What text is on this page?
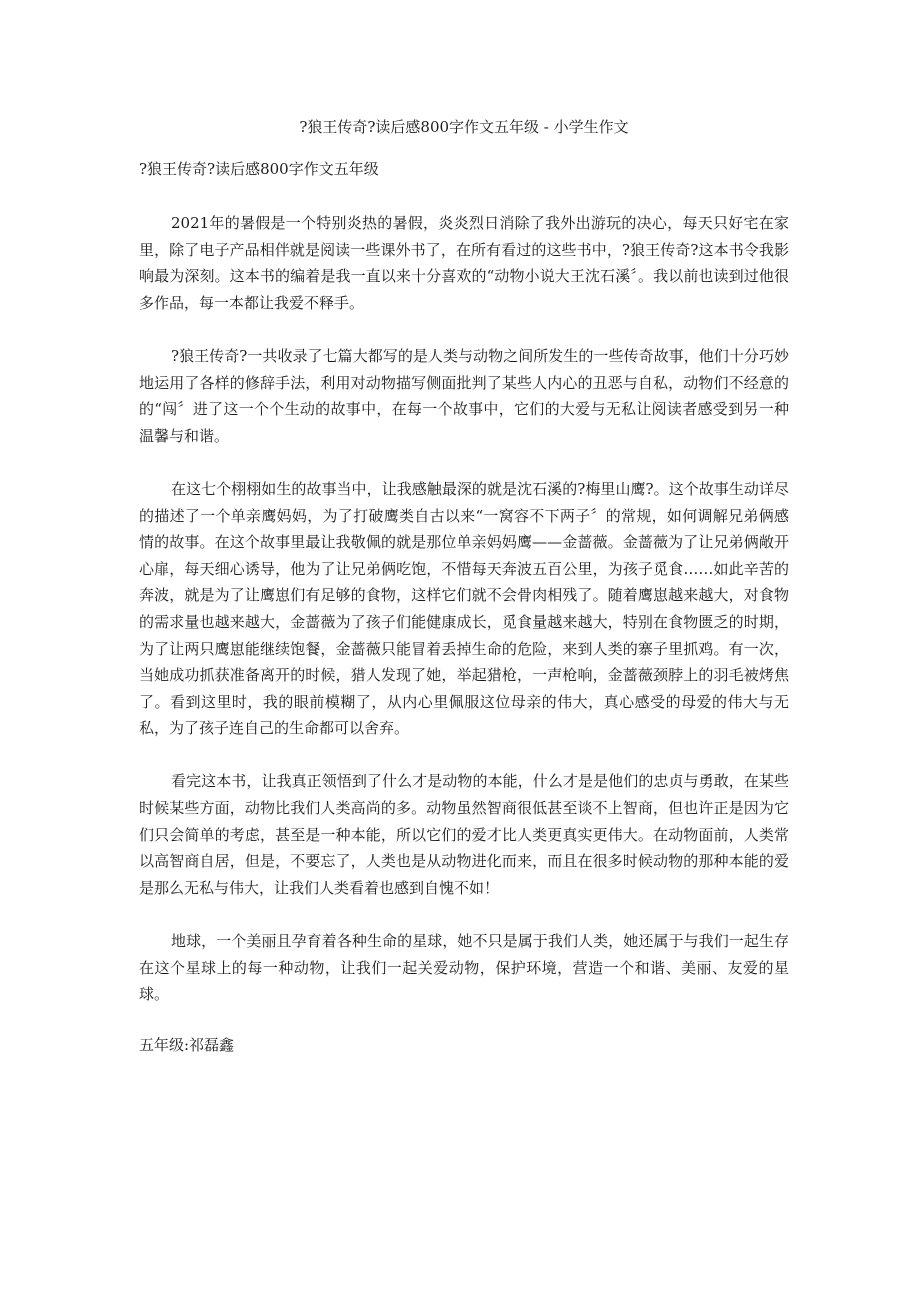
?狼王传奇?读后感800字作文五年级 - 小学生作文
?狼王传奇?读后感800字作文五年级

2021年的暑假是一个特别炎热的暑假，炎炎烈日消除了我外出游玩的决心，每天只好宅在家里，除了电子产品相伴就是阅读一些课外书了，在所有看过的这些书中，?狼王传奇?这本书令我影响最为深刻。这本书的编着是我一直以来十分喜欢的“动物小说大王沈石溪〞。我以前也读到过他很多作品，每一本都让我爱不释手。

?狼王传奇?一共收录了七篇大都写的是人类与动物之间所发生的一些传奇故事，他们十分巧妙地运用了各样的修辞手法，利用对动物描写侧面批判了某些人内心的丑恶与自私，动物们不经意的的“闯〞进了这一个个生动的故事中，在每一个故事中，它们的大爱与无私让阅读者感受到另一种温馨与和谐。

在这七个栩栩如生的故事当中，让我感触最深的就是沈石溪的?梅里山鹰?。这个故事生动详尽的描述了一个单亲鹰妈妈，为了打破鹰类自古以来“一窝容不下两子〞的常规，如何调解兄弟俩感情的故事。在这个故事里最让我敬佩的就是那位单亲妈妈鹰——金蔷薇。金蔷薇为了让兄弟俩敞开心扉，每天细心诱导，他为了让兄弟俩吃饱，不惜每天奔波五百公里，为孩子觅食……如此辛苦的奔波，就是为了让鹰崽们有足够的食物，这样它们就不会骨肉相残了。随着鹰崽越来越大，对食物的需求量也越来越大，金蔷薇为了孩子们能健康成长，觅食量越来越大，特别在食物匮乏的时期，为了让两只鹰崽能继续饱餐，金蔷薇只能冒着丢掉生命的危险，来到人类的寨子里抓鸡。有一次，当她成功抓获准备离开的时候，猎人发现了她，举起猎枪，一声枪响，金蔷薇颈脖上的羽毛被烤焦了。看到这里时，我的眼前模糊了，从内心里佩服这位母亲的伟大，真心感受的母爱的伟大与无私，为了孩子连自己的生命都可以舍弃。

看完这本书，让我真正领悟到了什么才是动物的本能，什么才是是他们的忠贞与勇敢，在某些时候某些方面，动物比我们人类高尚的多。动物虽然智商很低甚至谈不上智商，但也许正是因为它们只会简单的考虑，甚至是一种本能，所以它们的爱才比人类更真实更伟大。在动物面前，人类常以高智商自居，但是，不要忘了，人类也是从动物进化而来，而且在很多时候动物的那种本能的爱是那么无私与伟大，让我们人类看着也感到自愧不如！

地球，一个美丽且孕育着各种生命的星球，她不只是属于我们人类，她还属于与我们一起生存在这个星球上的每一种动物，让我们一起关爱动物，保护环境，营造一个和谐、美丽、友爱的星球。

五年级:祁磊鑫
